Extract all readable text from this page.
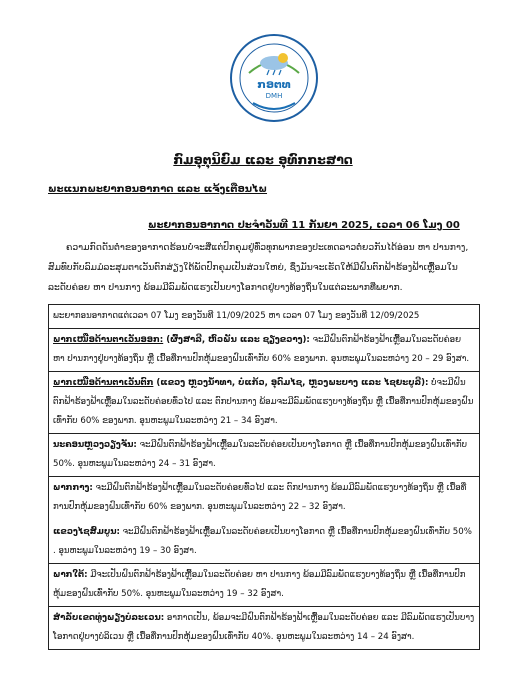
ກອຕທ
DMH
ກົມອຸຕຸນິຍົມ ແລະ ອຸທົກກະສາດ
ພະແນກພະຍາກອນອາກາດ ແລະ ແຈ້ງເຕືອນໄພ
ພະຍາກອນອາກາດ ປະຈຳວັນທີ 11 ກັນຍາ 2025, ເວລາ 06 ໂມງ 00
ຄວາມກົດດັນຕໍ່າຂອງອາກາດຮ້ອນບໍ່ຈະສີ່ແຕ່ປົກຄຸມຢູ່ທົ່ວທຸກພາກຂອງປະເທດລາວຕໍ່ຍວກັນໄດ້ອ່ອນ ຫາ ປານກາງ, ສົມທົບກັບລົມມໍລະສຸມຕາເວັນຕົກສ່ຽງໃຕ້ພັດປົກຄຸມເປັນສ່ວນໃຫຍ່, ຊຶ່ງມັນຈະເຮັດໃຫ້ມີຝົນຕົກຟ້າຮ້ອງຟ້າເຫຼື້ອມໃນ ລະດັບຄ່ອຍ ຫາ ປານກາງ ພ້ອມມີລົມພັດແຮງເປັນບາງໂອກາດຢູ່ບາງທ້ອງຖິ່ນໃນແຕ່ລະພາກທີ່ພຍາກ.
ພະຍາກອນອາກາດແຕ່ເວລາ 07 ໂມງ ຂອງວັນທີ 11/09/2025 ຫາ ເວລາ 07 ໂມງ ຂອງວັນທີ 12/09/2025
ພາກເໜືອດ້ານຕາເວັນອອກ: (ຜົ້ງສາລີ, ຫົວພັນ ແລະ ຊຽງຂວາງ): ຈະມີຝົນຕົກຟ້າຮ້ອງຟ້າເຫຼື້ອມໃນລະດັບຄ່ອຍ ຫາ ປານກາງຢູ່ບາງທ້ອງຖິ່ນ ຫຼື ເນື້ອທີ່ການປົກຫຸ້ມຂອງຝົນເທົ່າກັບ 60% ຂອງພາກ. ອຸນຫະພູມໃນລະຫວ່າງ 20 – 29 ອົງສາ.
ພາກເໜືອດ້ານຕາເວັນຕົກ (ແຂວງ ຫຼວງນ້ຳທາ, ບໍ່ແກ້ວ, ອຸດົມໄຊ, ຫຼວງພະບາງ ແລະ ໄຊຍະບູລີ): ບໍ່ຈະມີຝົນຕົກຟ້າຮ້ອງຟ້າເຫຼື້ອມໃນລະດັບຄ່ອຍທົ່ວໄປ ແລະ ຕົກປານກາງ ພ້ອມຈະມີລົມພັດແຮງບາງທ້ອງຖິ່ນ ຫຼື ເນື້ອທີ່ການປົກຫຸ້ມຂອງຝົນເທົ່າກັບ 60% ຂອງພາກ. ອຸນຫະພູມໃນລະຫວ່າງ 21 – 34 ອົງສາ.
ນະຄອນຫຼວງວຽງຈັນ: ຈະມີຝົນຕົກຟ້າຮ້ອງຟ້າເຫຼື້ອມໃນລະດັບຄ່ອຍເປັນບາງໂອກາດ ຫຼື ເນື້ອທີ່ການປົກຫຸ້ມຂອງຝົນເທົ່າກັບ 50%. ອຸນຫະພູມໃນລະຫວ່າງ 24 – 31 ອົງສາ.
ພາກກາງ: ຈະມີຝົນຕົກຟ້າຮ້ອງຟ້າເຫຼື້ອມໃນລະດັບຄ່ອຍທົ່ວໄປ ແລະ ຕົກປານກາງ ພ້ອມມີລົມພັດແຮງບາງທ້ອງຖິ່ນ ຫຼື ເນື້ອທີ່ການປົກຫຸ້ມຂອງຝົນເທົ່າກັບ 60% ຂອງພາກ. ອຸນຫະພູມໃນລະຫວ່າງ 22 – 32 ອົງສາ.
ແຂວງໄຊສົມບູນ: ຈະມີຝົນຕົກຟ້າຮ້ອງຟ້າເຫຼື້ອມໃນລະດັບຄ່ອຍເປັນບາງໂອກາດ ຫຼື ເນື້ອທີ່ການປົກຫຸ້ມຂອງຝົນເທົ່າກັບ 50% . ອຸນຫະພູມໃນລະຫວ່າງ 19 – 30 ອົງສາ.
ພາກໃຕ້: ມີຈະເປັນຝົນຕົກຟ້າຮ້ອງຟ້າເຫຼື້ອມໃນລະດັບຄ່ອຍ ຫາ ປານກາງ ພ້ອມມີລົມພັດແຮງບາງທ້ອງຖິ່ນ ຫຼື ເນື້ອທີ່ການປົກຫຸ້ມຂອງຝົນເທົ່າກັບ 50%. ອຸນຫະພູມໃນລະຫວ່າງ 19 – 32 ອົງສາ.
ສຳລັບເຂດທູ່ງພຽງບໍລະເວນ: ອາກາດເປັນ, ພ້ອມຈະມີຝົນຕົກຟ້າຮ້ອງຟ້າເຫຼື້ອມໃນລະດັບຄ່ອຍ ແລະ ມີລົມພັດແຮງເປັນບາງໂອກາດຢູ່ບາງບໍລິເວນ ຫຼື ເນື້ອທີ່ການປົກຫຸ້ມຂອງຝົນເທົ່າກັບ 40%. ອຸນຫະພູມໃນລະຫວ່າງ 14 – 24 ອົງສາ.
